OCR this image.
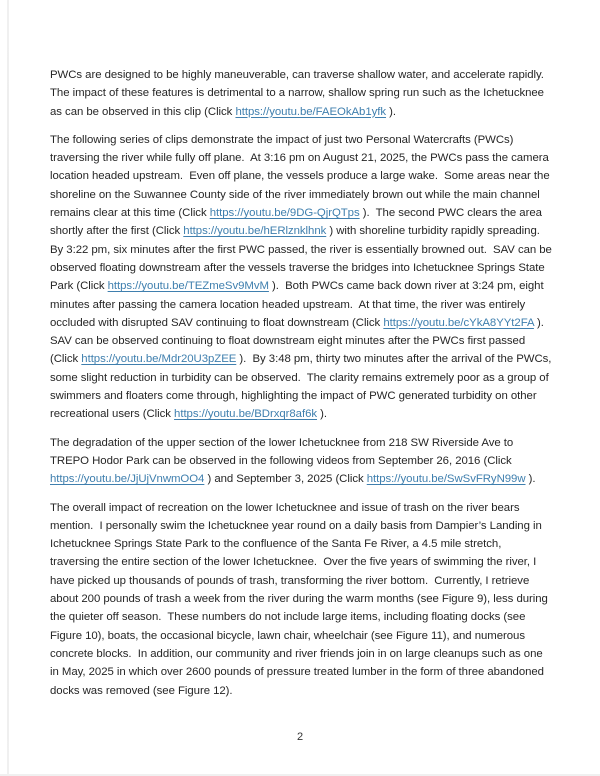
PWCs are designed to be highly maneuverable, can traverse shallow water, and accelerate rapidly.  The impact of these features is detrimental to a narrow, shallow spring run such as the Ichetucknee as can be observed in this clip (Click https://youtu.be/FAEOkAb1yfk ).

The following series of clips demonstrate the impact of just two Personal Watercrafts (PWCs) traversing the river while fully off plane.  At 3:16 pm on August 21, 2025, the PWCs pass the camera location headed upstream.  Even off plane, the vessels produce a large wake.  Some areas near the shoreline on the Suwannee County side of the river immediately brown out while the main channel remains clear at this time (Click https://youtu.be/9DG-QjrQTps ).  The second PWC clears the area shortly after the first (Click https://youtu.be/hERlznklhnk ) with shoreline turbidity rapidly spreading.  By 3:22 pm, six minutes after the first PWC passed, the river is essentially browned out.  SAV can be observed floating downstream after the vessels traverse the bridges into Ichetucknee Springs State Park (Click https://youtu.be/TEZmeSv9MvM ).  Both PWCs came back down river at 3:24 pm, eight minutes after passing the camera location headed upstream.  At that time, the river was entirely occluded with disrupted SAV continuing to float downstream (Click https://youtu.be/cYkA8YYt2FA ).  SAV can be observed continuing to float downstream eight minutes after the PWCs first passed (Click https://youtu.be/Mdr20U3pZEE ).  By 3:48 pm, thirty two minutes after the arrival of the PWCs, some slight reduction in turbidity can be observed.  The clarity remains extremely poor as a group of swimmers and floaters come through, highlighting the impact of PWC generated turbidity on other recreational users (Click https://youtu.be/BDrxqr8af6k ).

The degradation of the upper section of the lower Ichetucknee from 218 SW Riverside Ave to TREPO Hodor Park can be observed in the following videos from September 26, 2016 (Click https://youtu.be/JjUjVnwmOO4 ) and September 3, 2025 (Click https://youtu.be/SwSvFRyN99w ).

The overall impact of recreation on the lower Ichetucknee and issue of trash on the river bears mention.  I personally swim the Ichetucknee year round on a daily basis from Dampier’s Landing in Ichetucknee Springs State Park to the confluence of the Santa Fe River, a 4.5 mile stretch, traversing the entire section of the lower Ichetucknee.  Over the five years of swimming the river, I have picked up thousands of pounds of trash, transforming the river bottom.  Currently, I retrieve about 200 pounds of trash a week from the river during the warm months (see Figure 9), less during the quieter off season.  These numbers do not include large items, including floating docks (see Figure 10), boats, the occasional bicycle, lawn chair, wheelchair (see Figure 11), and numerous concrete blocks.  In addition, our community and river friends join in on large cleanups such as one in May, 2025 in which over 2600 pounds of pressure treated lumber in the form of three abandoned docks was removed (see Figure 12).

2
